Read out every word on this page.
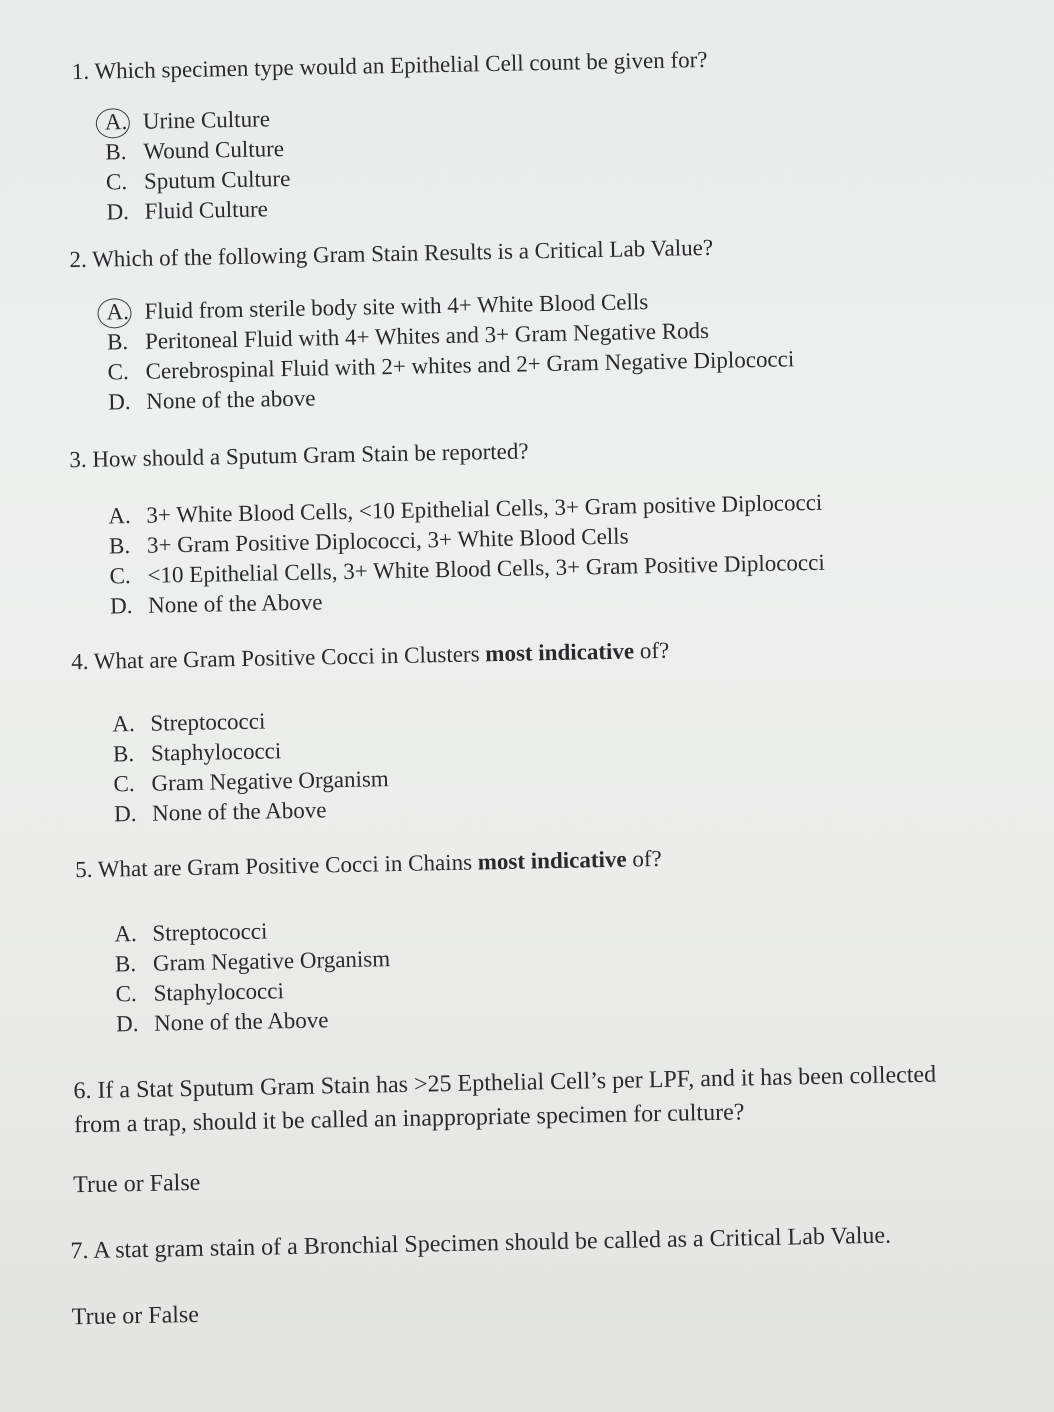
1. Which specimen type would an Epithelial Cell count be given for?
A. Urine Culture
B. Wound Culture
C. Sputum Culture
D. Fluid Culture
2. Which of the following Gram Stain Results is a Critical Lab Value?
A. Fluid from sterile body site with 4+ White Blood Cells
B. Peritoneal Fluid with 4+ Whites and 3+ Gram Negative Rods
C. Cerebrospinal Fluid with 2+ whites and 2+ Gram Negative Diplococci
D. None of the above
3. How should a Sputum Gram Stain be reported?
A. 3+ White Blood Cells, <10 Epithelial Cells, 3+ Gram positive Diplococci
B. 3+ Gram Positive Diplococci, 3+ White Blood Cells
C. <10 Epithelial Cells, 3+ White Blood Cells, 3+ Gram Positive Diplococci
D. None of the Above
4. What are Gram Positive Cocci in Clusters most indicative of?
A. Streptococci
B. Staphylococci
C. Gram Negative Organism
D. None of the Above
5. What are Gram Positive Cocci in Chains most indicative of?
A. Streptococci
B. Gram Negative Organism
C. Staphylococci
D. None of the Above
6. If a Stat Sputum Gram Stain has >25 Epthelial Cell’s per LPF, and it has been collected from a trap, should it be called an inappropriate specimen for culture?
True or False
7. A stat gram stain of a Bronchial Specimen should be called as a Critical Lab Value.
True or False
